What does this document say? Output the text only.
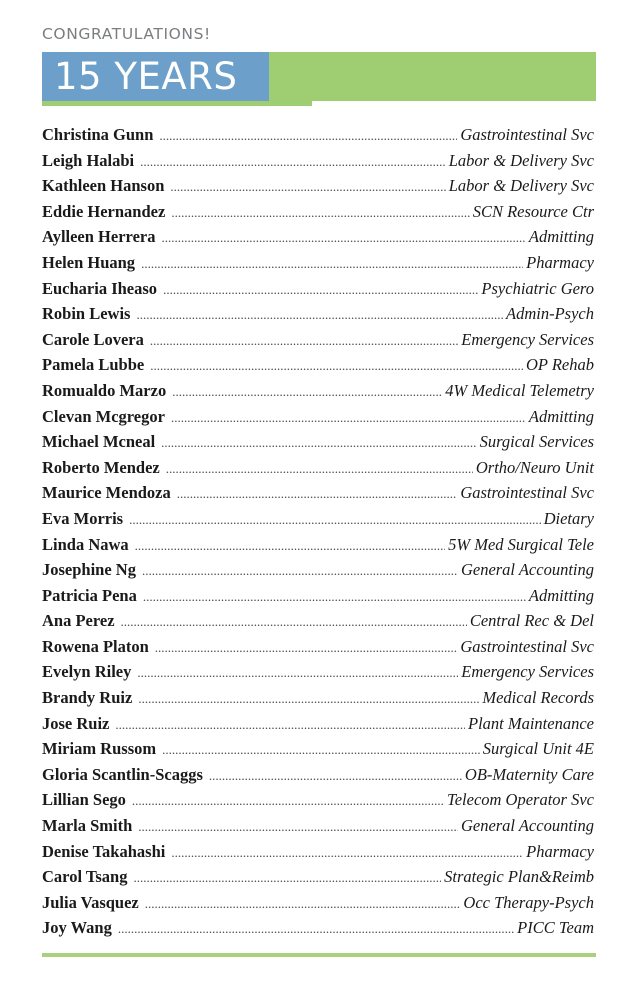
CONGRATULATIONS!
15 YEARS
Christina Gunn .....	Gastrointestinal Svc
Leigh Halabi .....	Labor & Delivery Svc
Kathleen Hanson .....	Labor & Delivery Svc
Eddie Hernandez .....	SCN Resource Ctr
Aylleen Herrera .....	Admitting
Helen Huang .....	Pharmacy
Eucharia Iheaso .....	Psychiatric Gero
Robin Lewis .....	Admin-Psych
Carole Lovera .....	Emergency Services
Pamela Lubbe .....	OP Rehab
Romualdo Marzo .....	4W Medical Telemetry
Clevan Mcgregor .....	Admitting
Michael Mcneal .....	Surgical Services
Roberto Mendez .....	Ortho/Neuro Unit
Maurice Mendoza .....	Gastrointestinal Svc
Eva Morris .....	Dietary
Linda Nawa .....	5W Med Surgical Tele
Josephine Ng .....	General Accounting
Patricia Pena .....	Admitting
Ana Perez .....	Central Rec & Del
Rowena Platon .....	Gastrointestinal Svc
Evelyn Riley .....	Emergency Services
Brandy Ruiz .....	Medical Records
Jose Ruiz .....	Plant Maintenance
Miriam Russom .....	Surgical Unit 4E
Gloria Scantlin-Scaggs .....	OB-Maternity Care
Lillian Sego .....	Telecom Operator Svc
Marla Smith .....	General Accounting
Denise Takahashi .....	Pharmacy
Carol Tsang .....	Strategic Plan&Reimb
Julia Vasquez .....	Occ Therapy-Psych
Joy Wang .....	PICC Team
